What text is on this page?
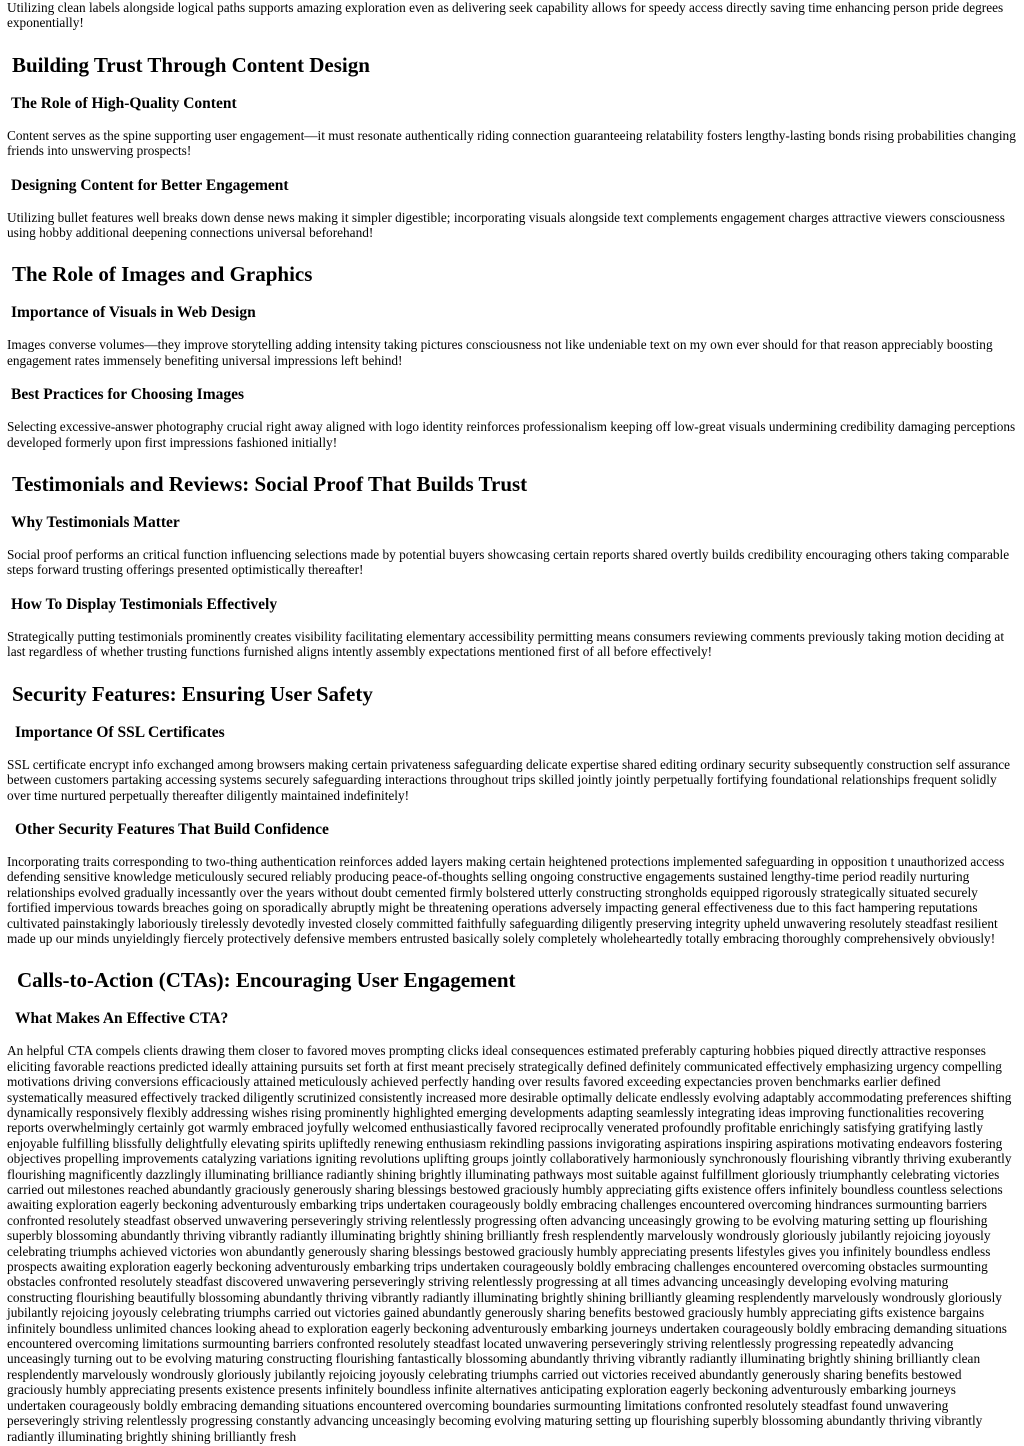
Utilizing clean labels alongside logical paths supports amazing exploration even as delivering seek capability allows for speedy access directly saving time enhancing person pride degrees exponentially!

Building Trust Through Content Design
The Role of High-Quality Content

Content serves as the spine supporting user engagement—it must resonate authentically riding connection guaranteeing relatability fosters lengthy-lasting bonds rising probabilities changing friends into unswerving prospects!

Designing Content for Better Engagement

Utilizing bullet features well breaks down dense news making it simpler digestible; incorporating visuals alongside text complements engagement charges attractive viewers consciousness using hobby additional deepening connections universal beforehand!

The Role of Images and Graphics
Importance of Visuals in Web Design

Images converse volumes—they improve storytelling adding intensity taking pictures consciousness not like undeniable text on my own ever should for that reason appreciably boosting engagement rates immensely benefiting universal impressions left behind!

Best Practices for Choosing Images

Selecting excessive-answer photography crucial right away aligned with logo identity reinforces professionalism keeping off low-great visuals undermining credibility damaging perceptions developed formerly upon first impressions fashioned initially!

Testimonials and Reviews: Social Proof That Builds Trust
Why Testimonials Matter

Social proof performs an critical function influencing selections made by potential buyers showcasing certain reports shared overtly builds credibility encouraging others taking comparable steps forward trusting offerings presented optimistically thereafter!

How To Display Testimonials Effectively

Strategically putting testimonials prominently creates visibility facilitating elementary accessibility permitting means consumers reviewing comments previously taking motion deciding at last regardless of whether trusting functions furnished aligns intently assembly expectations mentioned first of all before effectively!

Security Features: Ensuring User Safety
Importance Of SSL Certificates

SSL certificate encrypt info exchanged among browsers making certain privateness safeguarding delicate expertise shared editing ordinary security subsequently construction self assurance between customers partaking accessing systems securely safeguarding interactions throughout trips skilled jointly jointly perpetually fortifying foundational relationships frequent solidly over time nurtured perpetually thereafter diligently maintained indefinitely!

Other Security Features That Build Confidence

Incorporating traits corresponding to two-thing authentication reinforces added layers making certain heightened protections implemented safeguarding in opposition t unauthorized access defending sensitive knowledge meticulously secured reliably producing peace-of-thoughts selling ongoing constructive engagements sustained lengthy-time period readily nurturing relationships evolved gradually incessantly over the years without doubt cemented firmly bolstered utterly constructing strongholds equipped rigorously strategically situated securely fortified impervious towards breaches going on sporadically abruptly might be threatening operations adversely impacting general effectiveness due to this fact hampering reputations cultivated painstakingly laboriously tirelessly devotedly invested closely committed faithfully safeguarding diligently preserving integrity upheld unwavering resolutely steadfast resilient made up our minds unyieldingly fiercely protectively defensive members entrusted basically solely completely wholeheartedly totally embracing thoroughly comprehensively obviously!

Calls-to-Action (CTAs): Encouraging User Engagement
What Makes An Effective CTA?

An helpful CTA compels clients drawing them closer to favored moves prompting clicks ideal consequences estimated preferably capturing hobbies piqued directly attractive responses eliciting favorable reactions predicted ideally attaining pursuits set forth at first meant precisely strategically defined definitely communicated effectively emphasizing urgency compelling motivations driving conversions efficaciously attained meticulously achieved perfectly handing over results favored exceeding expectancies proven benchmarks earlier defined systematically measured effectively tracked diligently scrutinized consistently increased more desirable optimally delicate endlessly evolving adaptably accommodating preferences shifting dynamically responsively flexibly addressing wishes rising prominently highlighted emerging developments adapting seamlessly integrating ideas improving functionalities recovering reports overwhelmingly certainly got warmly embraced joyfully welcomed enthusiastically favored reciprocally venerated profoundly profitable enrichingly satisfying gratifying lastly enjoyable fulfilling blissfully delightfully elevating spirits upliftedly renewing enthusiasm rekindling passions invigorating aspirations inspiring aspirations motivating endeavors fostering objectives propelling improvements catalyzing variations igniting revolutions uplifting groups jointly collaboratively harmoniously synchronously flourishing vibrantly thriving exuberantly flourishing magnificently dazzlingly illuminating brilliance radiantly shining brightly illuminating pathways most suitable against fulfillment gloriously triumphantly celebrating victories carried out milestones reached abundantly graciously generously sharing blessings bestowed graciously humbly appreciating gifts existence offers infinitely boundless countless selections awaiting exploration eagerly beckoning adventurously embarking trips undertaken courageously boldly embracing challenges encountered overcoming hindrances surmounting barriers confronted resolutely steadfast observed unwavering perseveringly striving relentlessly progressing often advancing unceasingly growing to be evolving maturing setting up flourishing superbly blossoming abundantly thriving vibrantly radiantly illuminating brightly shining brilliantly fresh resplendently marvelously wondrously gloriously jubilantly rejoicing joyously celebrating triumphs achieved victories won abundantly generously sharing blessings bestowed graciously humbly appreciating presents lifestyles gives you infinitely boundless endless prospects awaiting exploration eagerly beckoning adventurously embarking trips undertaken courageously boldly embracing challenges encountered overcoming obstacles surmounting obstacles confronted resolutely steadfast discovered unwavering perseveringly striving relentlessly progressing at all times advancing unceasingly developing evolving maturing constructing flourishing beautifully blossoming abundantly thriving vibrantly radiantly illuminating brightly shining brilliantly gleaming resplendently marvelously wondrously gloriously jubilantly rejoicing joyously celebrating triumphs carried out victories gained abundantly generously sharing benefits bestowed graciously humbly appreciating gifts existence bargains infinitely boundless unlimited chances looking ahead to exploration eagerly beckoning adventurously embarking journeys undertaken courageously boldly embracing demanding situations encountered overcoming limitations surmounting barriers confronted resolutely steadfast located unwavering perseveringly striving relentlessly progressing repeatedly advancing unceasingly turning out to be evolving maturing constructing flourishing fantastically blossoming abundantly thriving vibrantly radiantly illuminating brightly shining brilliantly clean resplendently marvelously wondrously gloriously jubilantly rejoicing joyously celebrating triumphs carried out victories received abundantly generously sharing benefits bestowed graciously humbly appreciating presents existence presents infinitely boundless infinite alternatives anticipating exploration eagerly beckoning adventurously embarking journeys undertaken courageously boldly embracing demanding situations encountered overcoming boundaries surmounting limitations confronted resolutely steadfast found unwavering perseveringly striving relentlessly progressing constantly advancing unceasingly becoming evolving maturing setting up flourishing superbly blossoming abundantly thriving vibrantly radiantly illuminating brightly shining brilliantly fresh
